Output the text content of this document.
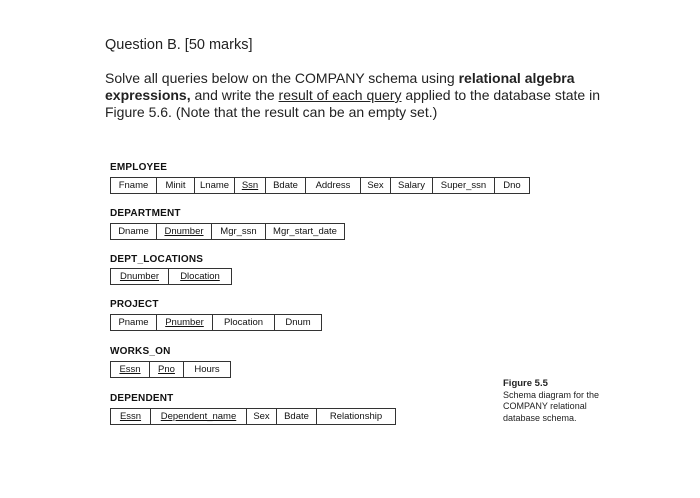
Question B. [50 marks]
Solve all queries below on the COMPANY schema using relational algebra expressions, and write the result of each query applied to the database state in Figure 5.6. (Note that the result can be an empty set.)
EMPLOYEE
Fname	Minit	Lname	Ssn	Bdate	Address	Sex	Salary	Super_ssn	Dno
DEPARTMENT
Dname	Dnumber	Mgr_ssn	Mgr_start_date
DEPT_LOCATIONS
Dnumber	Dlocation
PROJECT
Pname	Pnumber	Plocation	Dnum
WORKS_ON
Essn	Pno	Hours
DEPENDENT
Essn	Dependent_name	Sex	Bdate	Relationship
Figure 5.5
Schema diagram for the COMPANY relational database schema.
